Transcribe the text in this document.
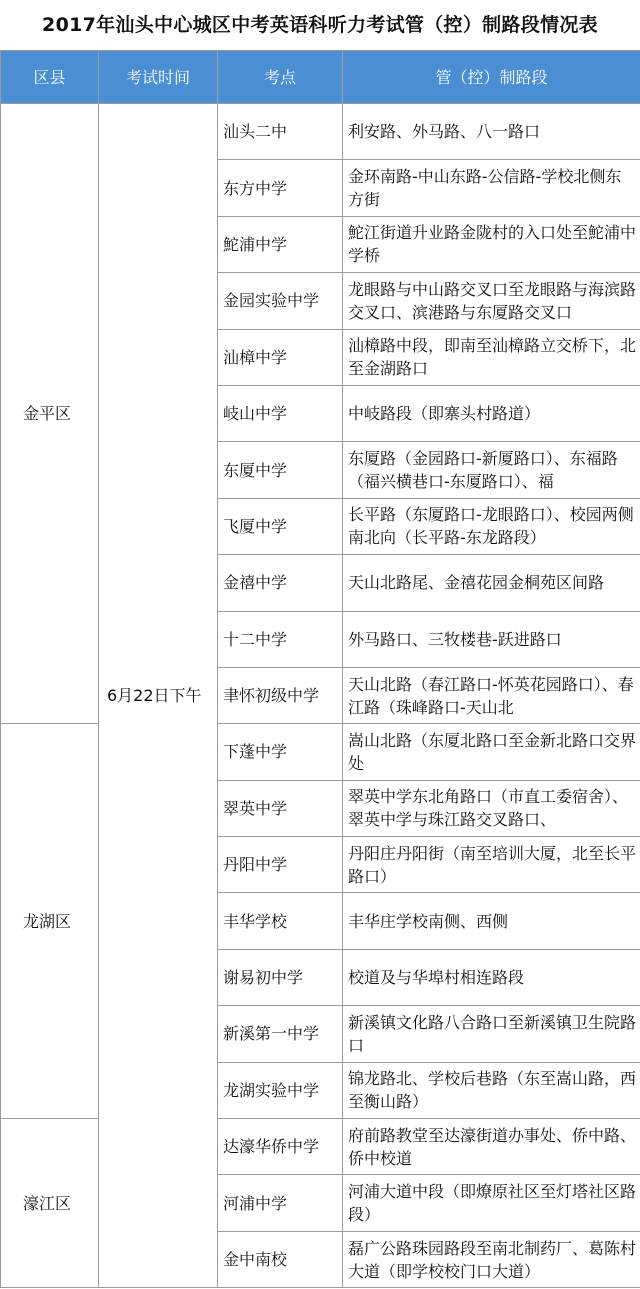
2017年汕头中心城区中考英语科听力考试管（控）制路段情况表
区县	考试时间	考点	管（控）制路段
金平区	6月22日下午	汕头二中	利安路、外马路、八一路口

		东方中学	金环南路-中山东路-公信路-学校北侧东方街

		鮀浦中学	鮀江街道升业路金陇村的入口处至鮀浦中学桥

		金园实验中学	龙眼路与中山路交叉口至龙眼路与海滨路交叉口、滨港路与东厦路交叉口

		汕樟中学	汕樟路中段，即南至汕樟路立交桥下，北至金湖路口

		岐山中学	中岐路段（即寨头村路道）

		东厦中学	东厦路（金园路口-新厦路口）、东福路（福兴横巷口-东厦路口）、福

		飞厦中学	长平路（东厦路口-龙眼路口）、校园两侧南北向（长平路-东龙路段）

		金禧中学	天山北路尾、金禧花园金桐苑区间路

		十二中学	外马路口、三牧楼巷-跃进路口

		聿怀初级中学	天山北路（春江路口-怀英花园路口）、春江路（珠峰路口-天山北

龙湖区		下蓬中学	嵩山北路（东厦北路口至金新北路口交界处

		翠英中学	翠英中学东北角路口（市直工委宿舍）、翠英中学与珠江路交叉路口、

		丹阳中学	丹阳庄丹阳街（南至培训大厦，北至长平路口）

		丰华学校	丰华庄学校南侧、西侧

		谢易初中学	校道及与华埠村相连路段

		新溪第一中学	新溪镇文化路八合路口至新溪镇卫生院路口

		龙湖实验中学	锦龙路北、学校后巷路（东至嵩山路，西至衡山路）

濠江区		达濠华侨中学	府前路教堂至达濠街道办事处、侨中路、侨中校道

		河浦中学	河浦大道中段（即燎原社区至灯塔社区路段）

		金中南校	磊广公路珠园路段至南北制药厂、葛陈村大道（即学校校门口大道）
